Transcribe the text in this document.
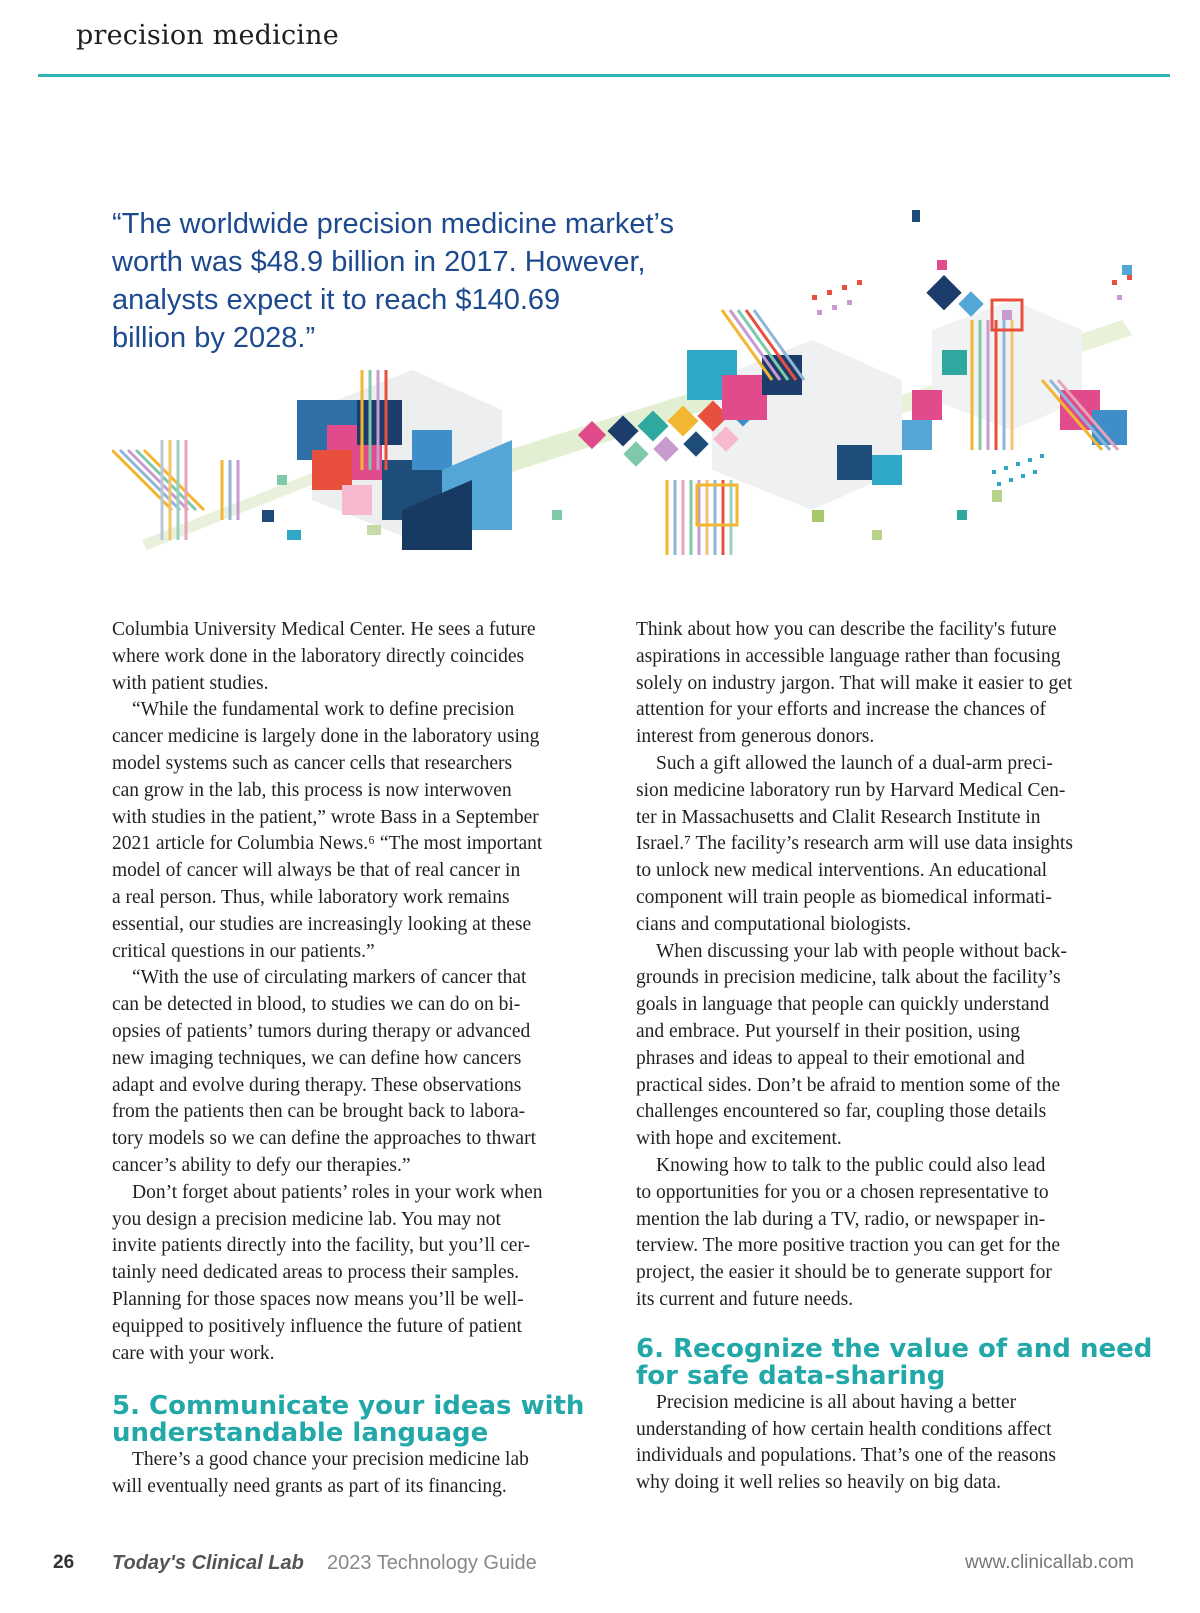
precision medicine
“The worldwide precision medicine market’s
worth was $48.9 billion in 2017. However,
analysts expect it to reach $140.69
billion by 2028.”
Columbia University Medical Center. He sees a future
where work done in the laboratory directly coincides
with patient studies.
“While the fundamental work to define precision
cancer medicine is largely done in the laboratory using
model systems such as cancer cells that researchers
can grow in the lab, this process is now interwoven
with studies in the patient,” wrote Bass in a September
2021 article for Columbia News.⁶ “The most important
model of cancer will always be that of real cancer in
a real person. Thus, while laboratory work remains
essential, our studies are increasingly looking at these
critical questions in our patients.”
“With the use of circulating markers of cancer that
can be detected in blood, to studies we can do on bi-
opsies of patients’ tumors during therapy or advanced
new imaging techniques, we can define how cancers
adapt and evolve during therapy. These observations
from the patients then can be brought back to labora-
tory models so we can define the approaches to thwart
cancer’s ability to defy our therapies.”
Don’t forget about patients’ roles in your work when
you design a precision medicine lab. You may not
invite patients directly into the facility, but you’ll cer-
tainly need dedicated areas to process their samples.
Planning for those spaces now means you’ll be well-
equipped to positively influence the future of patient
care with your work.
5. Communicate your ideas with
understandable language
There’s a good chance your precision medicine lab
will eventually need grants as part of its financing.
Think about how you can describe the facility's future
aspirations in accessible language rather than focusing
solely on industry jargon. That will make it easier to get
attention for your efforts and increase the chances of
interest from generous donors.
Such a gift allowed the launch of a dual-arm preci-
sion medicine laboratory run by Harvard Medical Cen-
ter in Massachusetts and Clalit Research Institute in
Israel.⁷ The facility’s research arm will use data insights
to unlock new medical interventions. An educational
component will train people as biomedical informati-
cians and computational biologists.
When discussing your lab with people without back-
grounds in precision medicine, talk about the facility’s
goals in language that people can quickly understand
and embrace. Put yourself in their position, using
phrases and ideas to appeal to their emotional and
practical sides. Don’t be afraid to mention some of the
challenges encountered so far, coupling those details
with hope and excitement.
Knowing how to talk to the public could also lead
to opportunities for you or a chosen representative to
mention the lab during a TV, radio, or newspaper in-
terview. The more positive traction you can get for the
project, the easier it should be to generate support for
its current and future needs.
6. Recognize the value of and need
for safe data-sharing
Precision medicine is all about having a better
understanding of how certain health conditions affect
individuals and populations. That’s one of the reasons
why doing it well relies so heavily on big data.
26 Today's Clinical Lab 2023 Technology Guide	www.clinicallab.com
